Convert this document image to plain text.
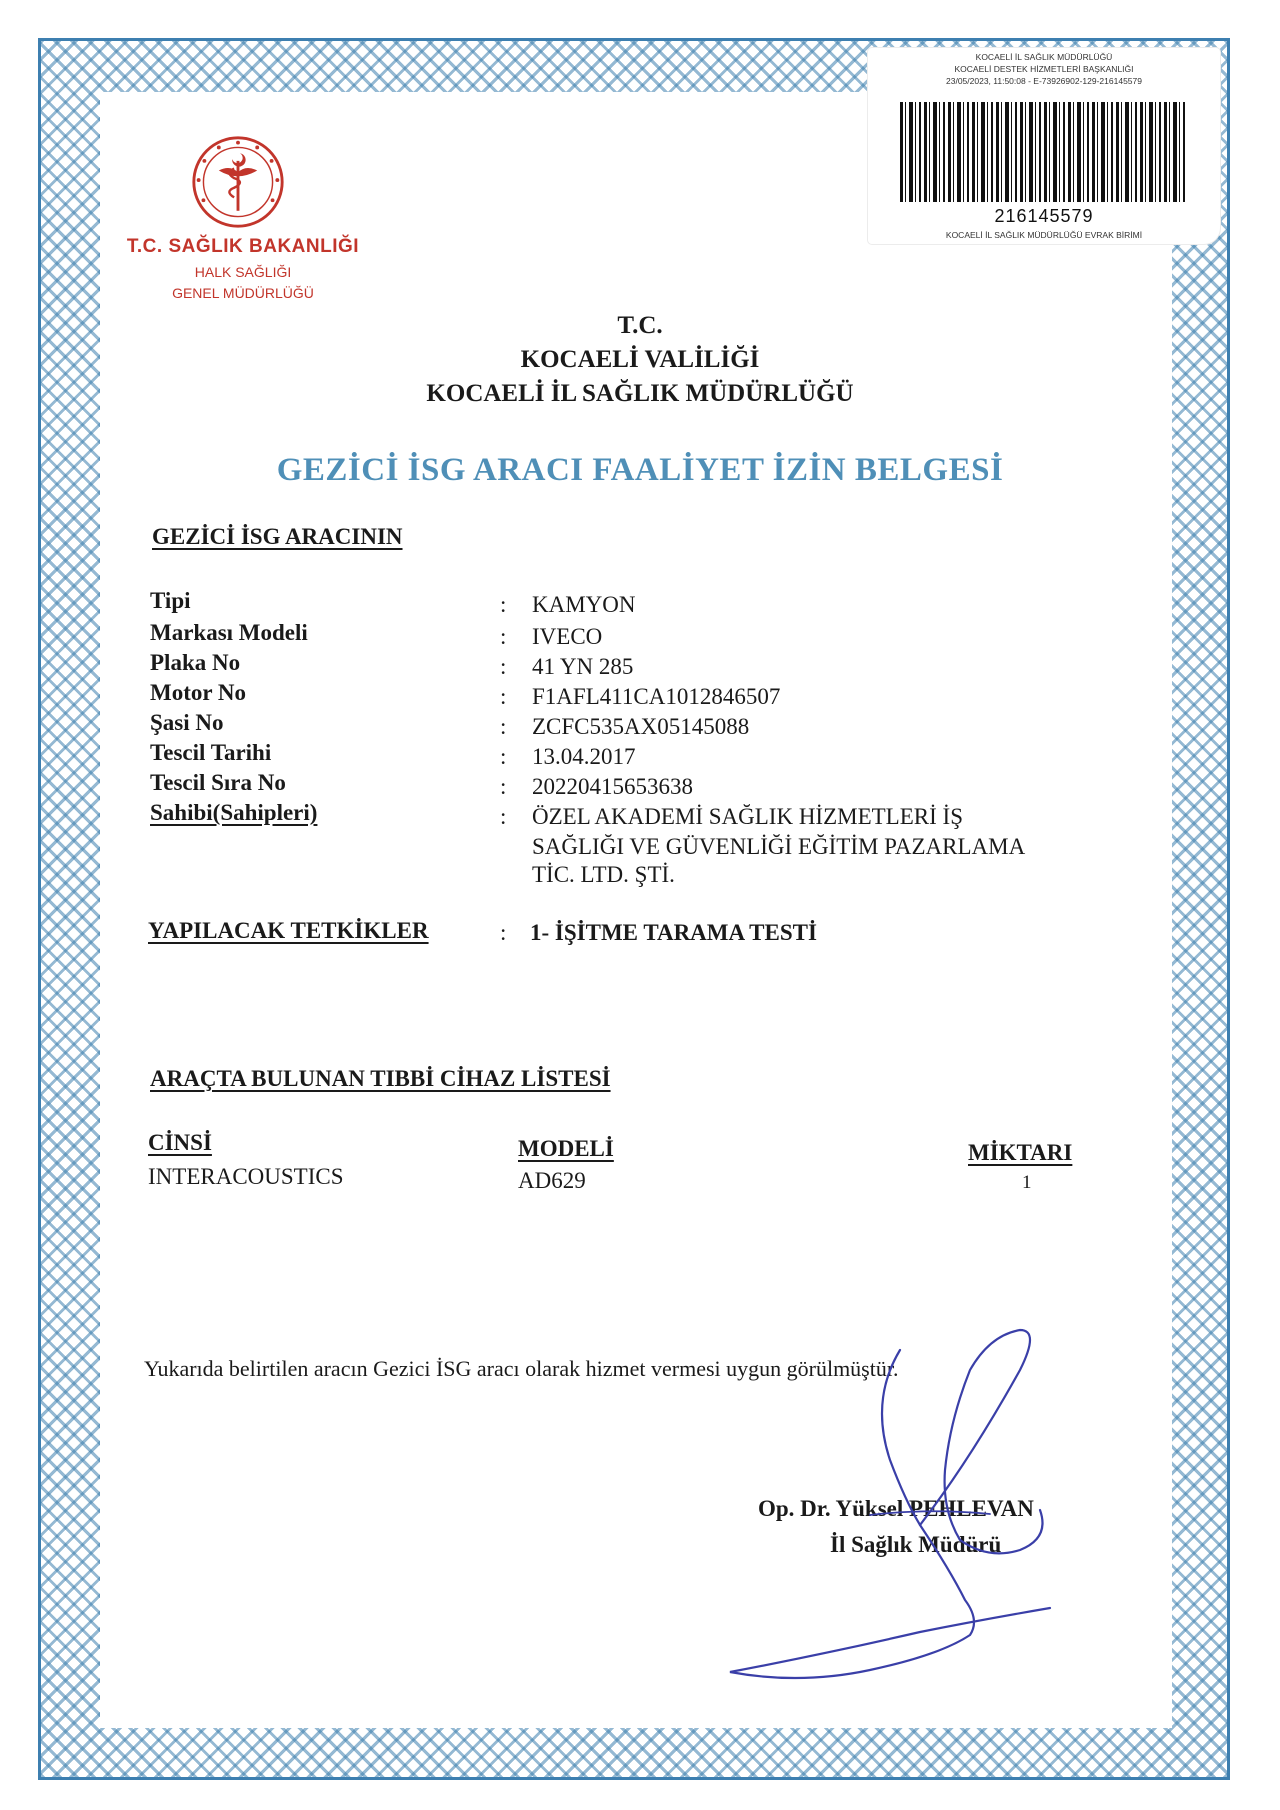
KOCAELİ İL SAĞLIK MÜDÜRLÜĞÜ
KOCAELİ DESTEK HİZMETLERİ BAŞKANLIĞI
23/05/2023, 11:50:08 - E-73926902-129-216145579
216145579
KOCAELİ İL SAĞLIK MÜDÜRLÜĞÜ EVRAK BİRİMİ
T.C. SAĞLIK BAKANLIĞI
HALK SAĞLIĞI
GENEL MÜDÜRLÜĞÜ
T.C.
KOCAELİ VALİLİĞİ
KOCAELİ İL SAĞLIK MÜDÜRLÜĞÜ
GEZİCİ İSG ARACI FAALİYET İZİN BELGESİ
GEZİCİ İSG ARACININ
Tipi	: KAMYON
Markası Modeli	: IVECO
Plaka No	: 41 YN 285
Motor No	: F1AFL411CA1012846507
Şasi No	: ZCFC535AX05145088
Tescil Tarihi	: 13.04.2017
Tescil Sıra No	: 20220415653638
Sahibi(Sahipleri)	: ÖZEL AKADEMİ SAĞLIK HİZMETLERİ İŞ
SAĞLIĞI VE GÜVENLİĞİ EĞİTİM PAZARLAMA
TİC. LTD. ŞTİ.
YAPILACAK TETKİKLER	: 1- İŞİTME TARAMA TESTİ
ARAÇTA BULUNAN TIBBİ CİHAZ LİSTESİ
CİNSİ	MODELİ	MİKTARI
INTERACOUSTICS	AD629	1
Yukarıda belirtilen aracın Gezici İSG aracı olarak hizmet vermesi uygun görülmüştür.
Op. Dr. Yüksel PEHLEVAN
İl Sağlık Müdürü
